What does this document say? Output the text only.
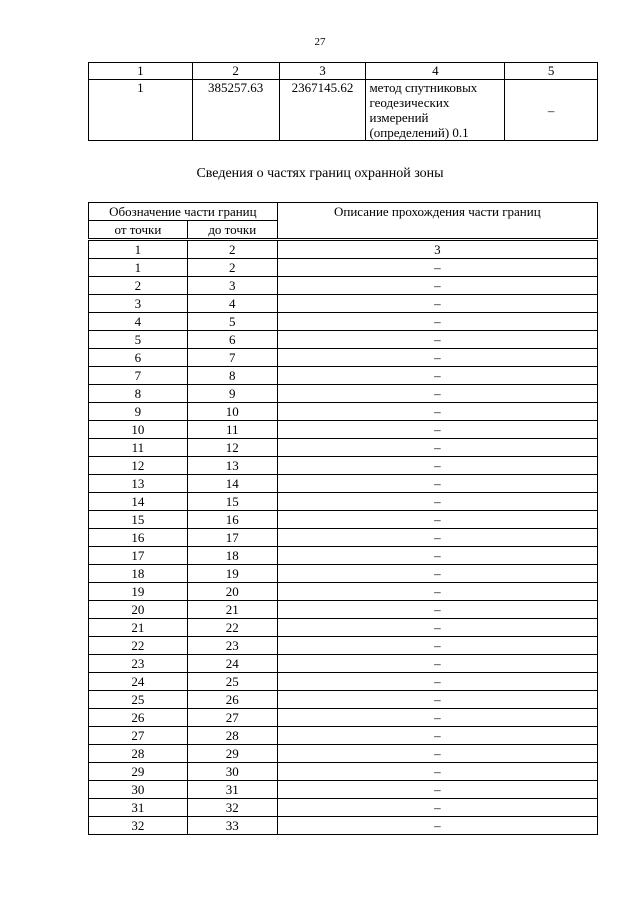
27
1	2	3	4	5
1	385257.63	2367145.62	метод спутниковых
геодезических
измерений
(определений) 0.1	–
Сведения о частях границ охранной зоны
Обозначение части границ		Описание прохождения части границ
от точки	до точки	
1	2	3
1	2	–
2	3	–
3	4	–
4	5	–
5	6	–
6	7	–
7	8	–
8	9	–
9	10	–
10	11	–
11	12	–
12	13	–
13	14	–
14	15	–
15	16	–
16	17	–
17	18	–
18	19	–
19	20	–
20	21	–
21	22	–
22	23	–
23	24	–
24	25	–
25	26	–
26	27	–
27	28	–
28	29	–
29	30	–
30	31	–
31	32	–
32	33	–
